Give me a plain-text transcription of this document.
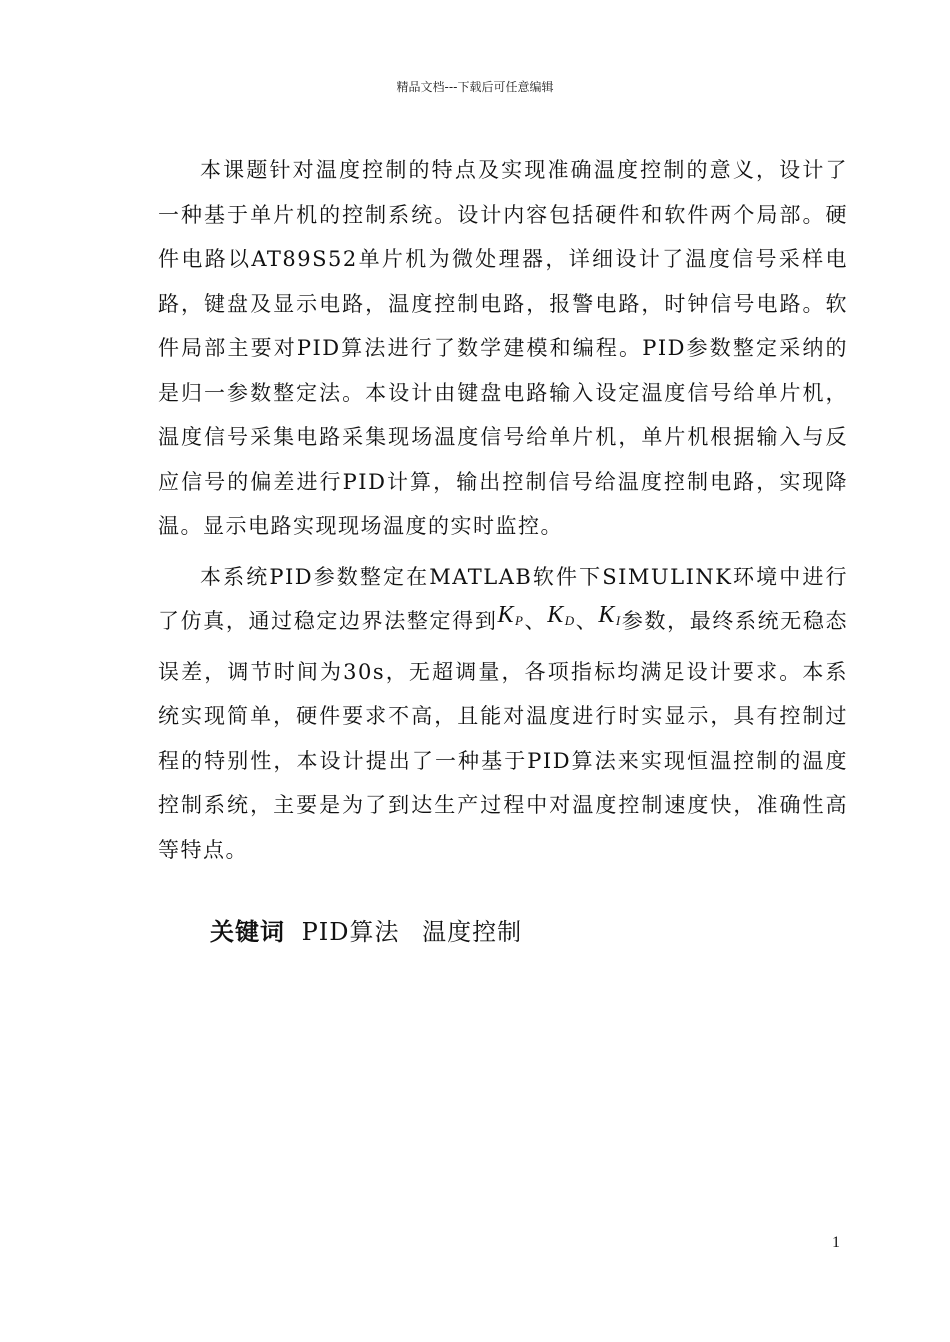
精品文档---下载后可任意编辑

本课题针对温度控制的特点及实现准确温度控制的意义，设计了一种基于单片机的控制系统。设计内容包括硬件和软件两个局部。硬件电路以AT89S52单片机为微处理器，详细设计了温度信号采样电路，键盘及显示电路，温度控制电路，报警电路，时钟信号电路。软件局部主要对PID算法进行了数学建模和编程。PID参数整定采纳的是归一参数整定法。本设计由键盘电路输入设定温度信号给单片机，温度信号采集电路采集现场温度信号给单片机，单片机根据输入与反应信号的偏差进行PID计算，输出控制信号给温度控制电路，实现降温。显示电路实现现场温度的实时监控。

本系统PID参数整定在MATLAB软件下SIMULINK环境中进行了仿真，通过稳定边界法整定得到$K_P$、$K_D$、$K_I$参数，最终系统无稳态误差，调节时间为30s，无超调量，各项指标均满足设计要求。本系统实现简单，硬件要求不高，且能对温度进行时实显示，具有控制过程的特别性，本设计提出了一种基于PID算法来实现恒温控制的温度控制系统，主要是为了到达生产过程中对温度控制速度快，准确性高等特点。

关键词 PID算法 温度控制
1
